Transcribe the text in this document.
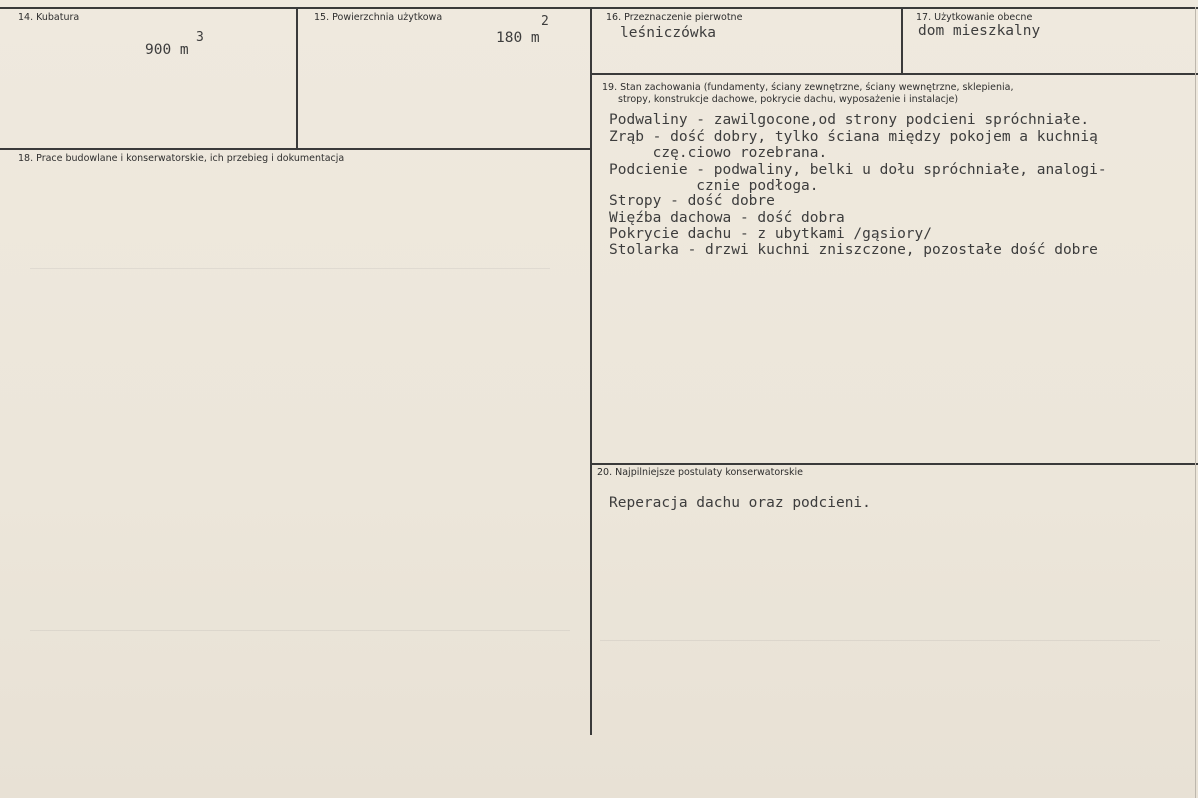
14. Kubatura
900 m
3
15. Powierzchnia użytkowa
180 m
2	16. Przeznaczenie pierwotne
leśniczówka
17. Użytkowanie obecne
dom mieszkalny
18. Prace budowlane i konserwatorskie, ich przebieg i dokumentacja
19. Stan zachowania (fundamenty, ściany zewnętrzne, ściany wewnętrzne, sklepienia,
stropy, konstrukcje dachowe, pokrycie dachu, wyposażenie i instalacje)
Podwaliny - zawilgocone,od strony podcieni spróchniałe.
Zrąb - dość dobry, tylko ściana między pokojem a kuchnią
czę.ciowo rozebrana.
Podcienie - podwaliny, belki u dołu spróchniałe, analogi-
cznie podłoga.
Stropy - dość dobre
Więźba dachowa - dość dobra
Pokrycie dachu - z ubytkami /gąsiory/
Stolarka - drzwi kuchni zniszczone, pozostałe dość dobre
20. Najpilniejsze postulaty konserwatorskie
Reperacja dachu oraz podcieni.
